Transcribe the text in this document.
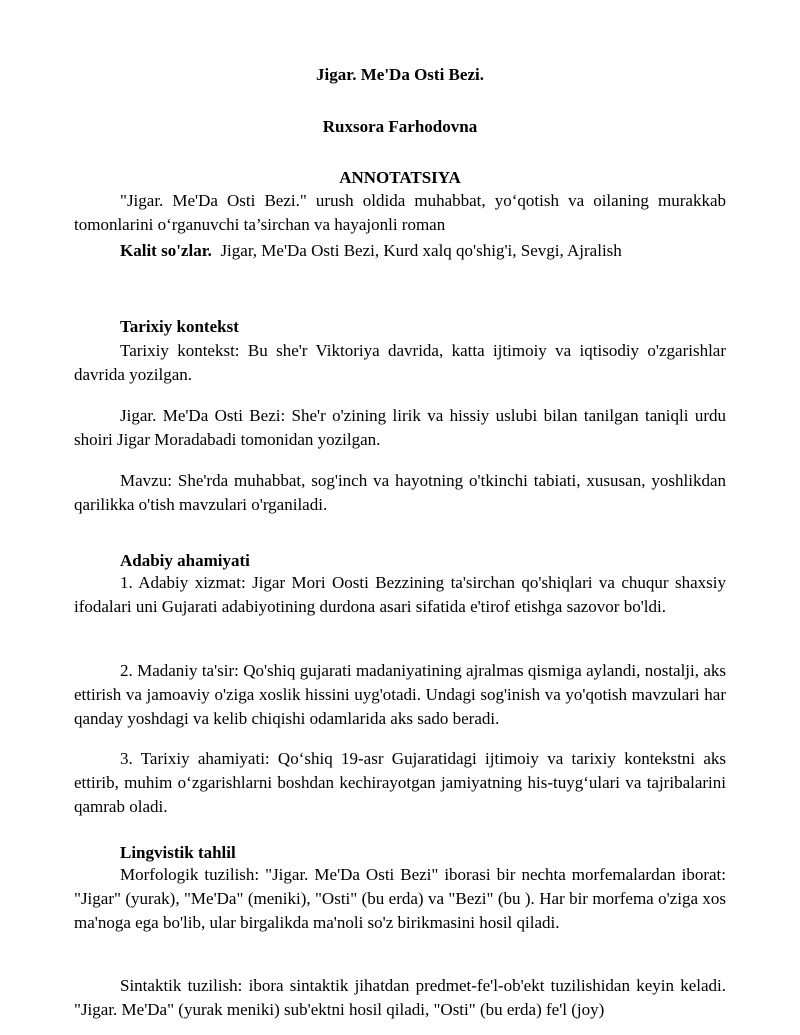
Jigar. Me'Da Osti Bezi.
Ruxsora Farhodovna
ANNOTATSIYA

"Jigar. Me'Da Osti Bezi." urush oldida muhabbat, yo‘qotish va oilaning murakkab tomonlarini o‘rganuvchi ta’sirchan va hayajonli roman

Kalit so'zlar. Jigar, Me'Da Osti Bezi, Kurd xalq qo'shig'i, Sevgi, Ajralish

Tarixiy kontekst

Tarixiy kontekst: Bu she'r Viktoriya davrida, katta ijtimoiy va iqtisodiy o'zgarishlar davrida yozilgan.

Jigar. Me'Da Osti Bezi: She'r o'zining lirik va hissiy uslubi bilan tanilgan taniqli urdu shoiri Jigar Moradabadi tomonidan yozilgan.

Mavzu: She'rda muhabbat, sog'inch va hayotning o'tkinchi tabiati, xususan, yoshlikdan qarilikka o'tish mavzulari o'rganiladi.

Adabiy ahamiyati

1. Adabiy xizmat: Jigar Mori Oosti Bezzining ta'sirchan qo'shiqlari va chuqur shaxsiy ifodalari uni Gujarati adabiyotining durdona asari sifatida e'tirof etishga sazovor bo'ldi.

2. Madaniy ta'sir: Qo'shiq gujarati madaniyatining ajralmas qismiga aylandi, nostalji, aks ettirish va jamoaviy o'ziga xoslik hissini uyg'otadi. Undagi sog'inish va yo'qotish mavzulari har qanday yoshdagi va kelib chiqishi odamlarida aks sado beradi.

3. Tarixiy ahamiyati: Qo‘shiq 19-asr Gujaratidagi ijtimoiy va tarixiy kontekstni aks ettirib, muhim o‘zgarishlarni boshdan kechirayotgan jamiyatning his-tuyg‘ulari va tajribalarini qamrab oladi.

Lingvistik tahlil

Morfologik tuzilish: "Jigar. Me'Da Osti Bezi" iborasi bir nechta morfemalardan iborat: "Jigar" (yurak), "Me'Da" (meniki), "Osti" (bu erda) va "Bezi" (bu ). Har bir morfema o'ziga xos ma'noga ega bo'lib, ular birgalikda ma'noli so'z birikmasini hosil qiladi.

Sintaktik tuzilish: ibora sintaktik jihatdan predmet-fe'l-ob'ekt tuzilishidan keyin keladi. "Jigar. Me'Da" (yurak meniki) sub'ektni hosil qiladi, "Osti" (bu erda) fe'l (joy)
